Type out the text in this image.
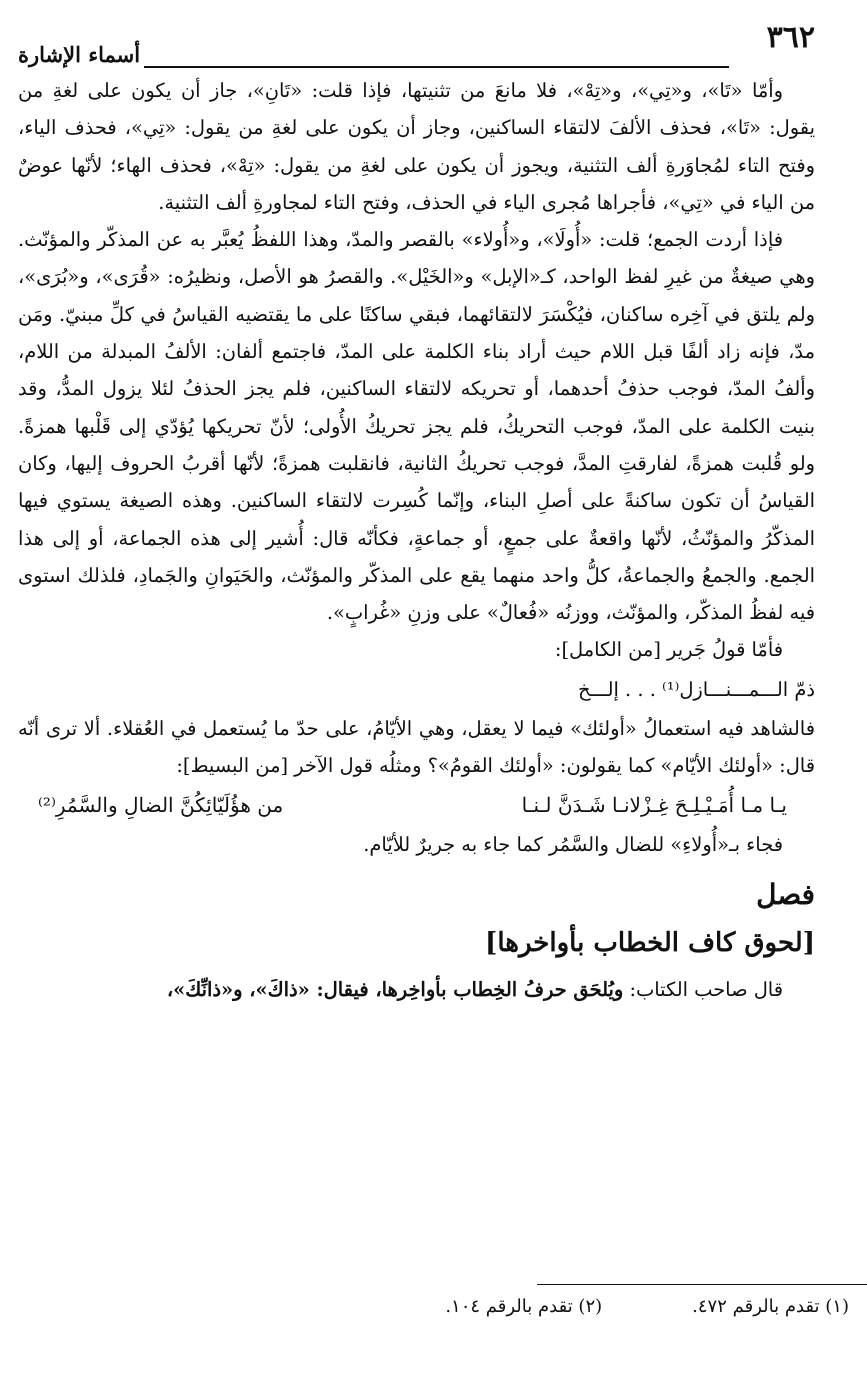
٣٦٢
أسماء الإشارة

وأمّا «تَا»، و«تِي»، و«تِهْ»، فلا مانعَ من تثنيتها، فإذا قلت: «تَانِ»، جاز أن يكون على لغةِ من يقول: «تَا»، فحذف الألفَ لالتقاء الساكنين، وجاز أن يكون على لغةِ من يقول: «تِي»، فحذف الياء، وفتح التاء لمُجاوَرةِ ألف التثنية، ويجوز أن يكون على لغةِ من يقول: «تِهْ»، فحذف الهاء؛ لأنّها عوضٌ من الياء في «تِي»، فأجراها مُجرى الياء في الحذف، وفتح التاء لمجاورةِ ألف التثنية.

فإذا أردت الجمع؛ قلت: «أُولَا»، و«أُولاء» بالقصر والمدّ، وهذا اللفظُ يُعبَّر به عن المذكّر والمؤنّث. وهي صيغةٌ من غيرِ لفظ الواحد، كـ«الإبل» و«الخَيْل». والقصرُ هو الأصل، ونظيرُه: «قُرَى»، و«بُرَى»، ولم يلتق في آخِره ساكنان، فيُكْسَرَ لالتقائهما، فبقي ساكنًا على ما يقتضيه القياسُ في كلِّ مبنيّ. ومَن مدّ، فإنه زاد ألفًا قبل اللام حيث أراد بناء الكلمة على المدّ، فاجتمع ألفان: الألفُ المبدلة من اللام، وألفُ المدّ، فوجب حذفُ أحدهما، أو تحريكه لالتقاء الساكنين، فلم يجز الحذفُ لئلا يزول المدُّ، وقد بنيت الكلمة على المدّ، فوجب التحريكُ، فلم يجز تحريكُ الأُولى؛ لأنّ تحريكها يُؤدّي إلى قَلْبها همزةً. ولو قُلبت همزةً، لفارقتِ المدَّ، فوجب تحريكُ الثانية، فانقلبت همزةً؛ لأنّها أقربُ الحروف إليها، وكان القياسُ أن تكون ساكنةً على أصلِ البناء، وإنّما كُسِرت لالتقاء الساكنين. وهذه الصيغة يستوي فيها المذكّرُ والمؤنّثُ، لأنّها واقعةٌ على جمعٍ، أو جماعةٍ، فكأنّه قال: أُشير إلى هذه الجماعة، أو إلى هذا الجمع. والجمعُ والجماعةُ، كلُّ واحد منهما يقع على المذكّر والمؤنّث، والحَيَوانِ والجَمادِ، فلذلك استوى فيه لفظُ المذكّر، والمؤنّث، ووزنُه «فُعالٌ» على وزنِ «غُرابٍ».

فأمّا قولُ جَرير [من الكامل]:

ذمّ الـــمـــنـــازل⁽¹⁾ . . . إلـــخ

فالشاهد فيه استعمالُ «أولئك» فيما لا يعقل، وهي الأيّامُ، على حدّ ما يُستعمل في العُقلاء. ألا ترى أنّه قال: «أولئك الأيّام» كما يقولون: «أولئك القومُ»؟ ومثلُه قول الآخر [من البسيط]:

يـا مـا أُمَـيْـلِـحَ غِـزْلانـا شَـدَنَّ لـنـا
من هؤُلَيّائِكُنَّ الضالِ والسَّمُرِ⁽²⁾

فجاء بـ«أُولاءِ» للضال والسَّمُر كما جاء به جريرٌ للأيّام.

فصل
[لحوق كاف الخطاب بأواخرها]

قال صاحب الكتاب: ويُلحَق حرفُ الخِطاب بأواخِرها، فيقال: «ذاكَ»، و«ذانِّكَ»،

(١) تقدم بالرقم ٤٧٢.
(٢) تقدم بالرقم ١٠٤.
